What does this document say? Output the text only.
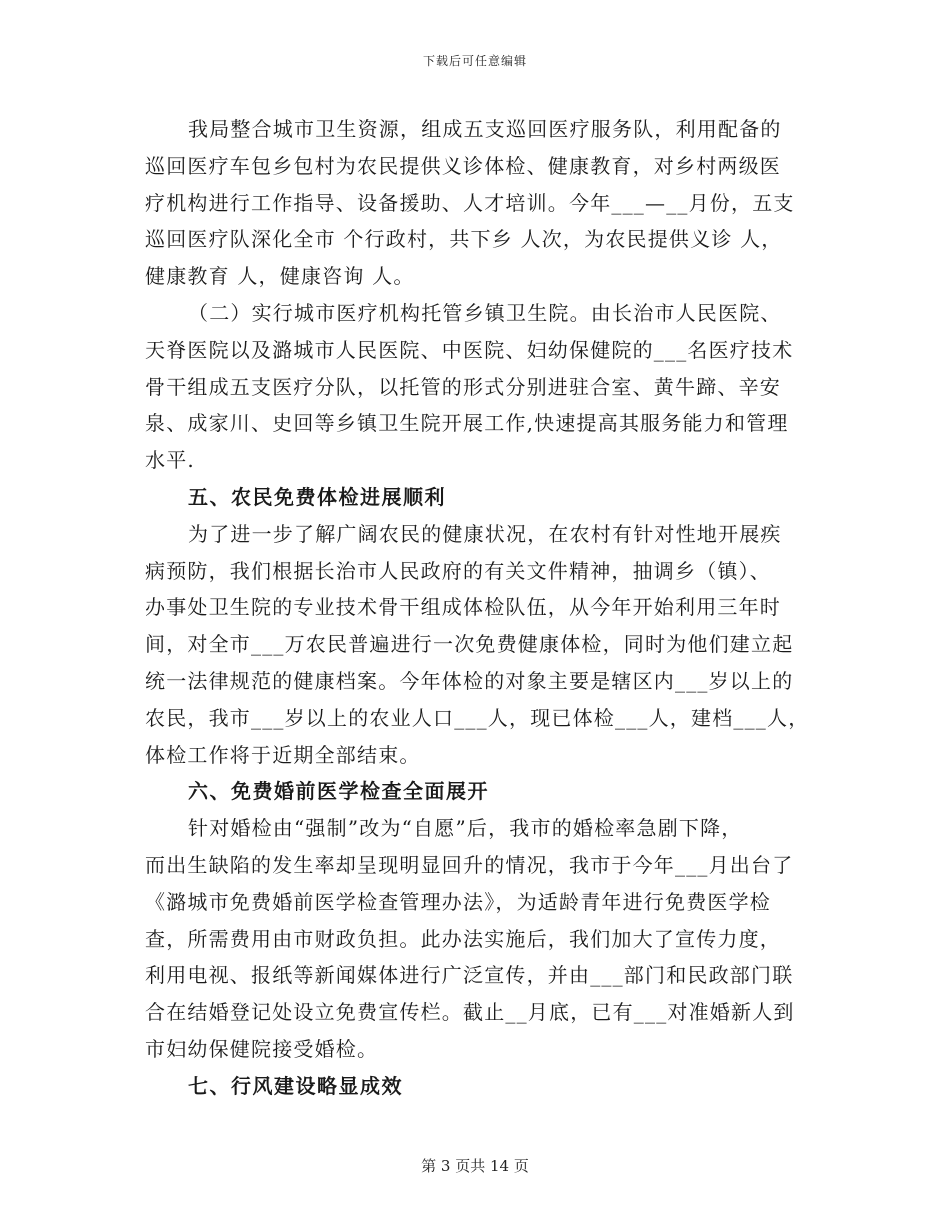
下载后可任意编辑
我局整合城市卫生资源，组成五支巡回医疗服务队，利用配备的
巡回医疗车包乡包村为农民提供义诊体检、健康教育，对乡村两级医
疗机构进行工作指导、设备援助、人才培训。今年___—__月份，五支
巡回医疗队深化全市 个行政村，共下乡 人次，为农民提供义诊 人，
健康教育 人，健康咨询 人。
（二）实行城市医疗机构托管乡镇卫生院。由长治市人民医院、
天脊医院以及潞城市人民医院、中医院、妇幼保健院的___名医疗技术
骨干组成五支医疗分队，以托管的形式分别进驻合室、黄牛蹄、辛安
泉、成家川、史回等乡镇卫生院开展工作,快速提高其服务能力和管理
水平.
五、农民免费体检进展顺利
为了进一步了解广阔农民的健康状况，在农村有针对性地开展疾
病预防，我们根据长治市人民政府的有关文件精神，抽调乡（镇）、
办事处卫生院的专业技术骨干组成体检队伍，从今年开始利用三年时
间，对全市___万农民普遍进行一次免费健康体检，同时为他们建立起
统一法律规范的健康档案。今年体检的对象主要是辖区内___岁以上的
农民，我市___岁以上的农业人口___人，现已体检___人，建档___人，
体检工作将于近期全部结束。
六、免费婚前医学检查全面展开
针对婚检由“强制”改为“自愿”后，我市的婚检率急剧下降，
而出生缺陷的发生率却呈现明显回升的情况，我市于今年___月出台了
《潞城市免费婚前医学检查管理办法》，为适龄青年进行免费医学检
查，所需费用由市财政负担。此办法实施后，我们加大了宣传力度，
利用电视、报纸等新闻媒体进行广泛宣传，并由___部门和民政部门联
合在结婚登记处设立免费宣传栏。截止__月底，已有___对准婚新人到
市妇幼保健院接受婚检。
七、行风建设略显成效
第 3 页共 14 页
